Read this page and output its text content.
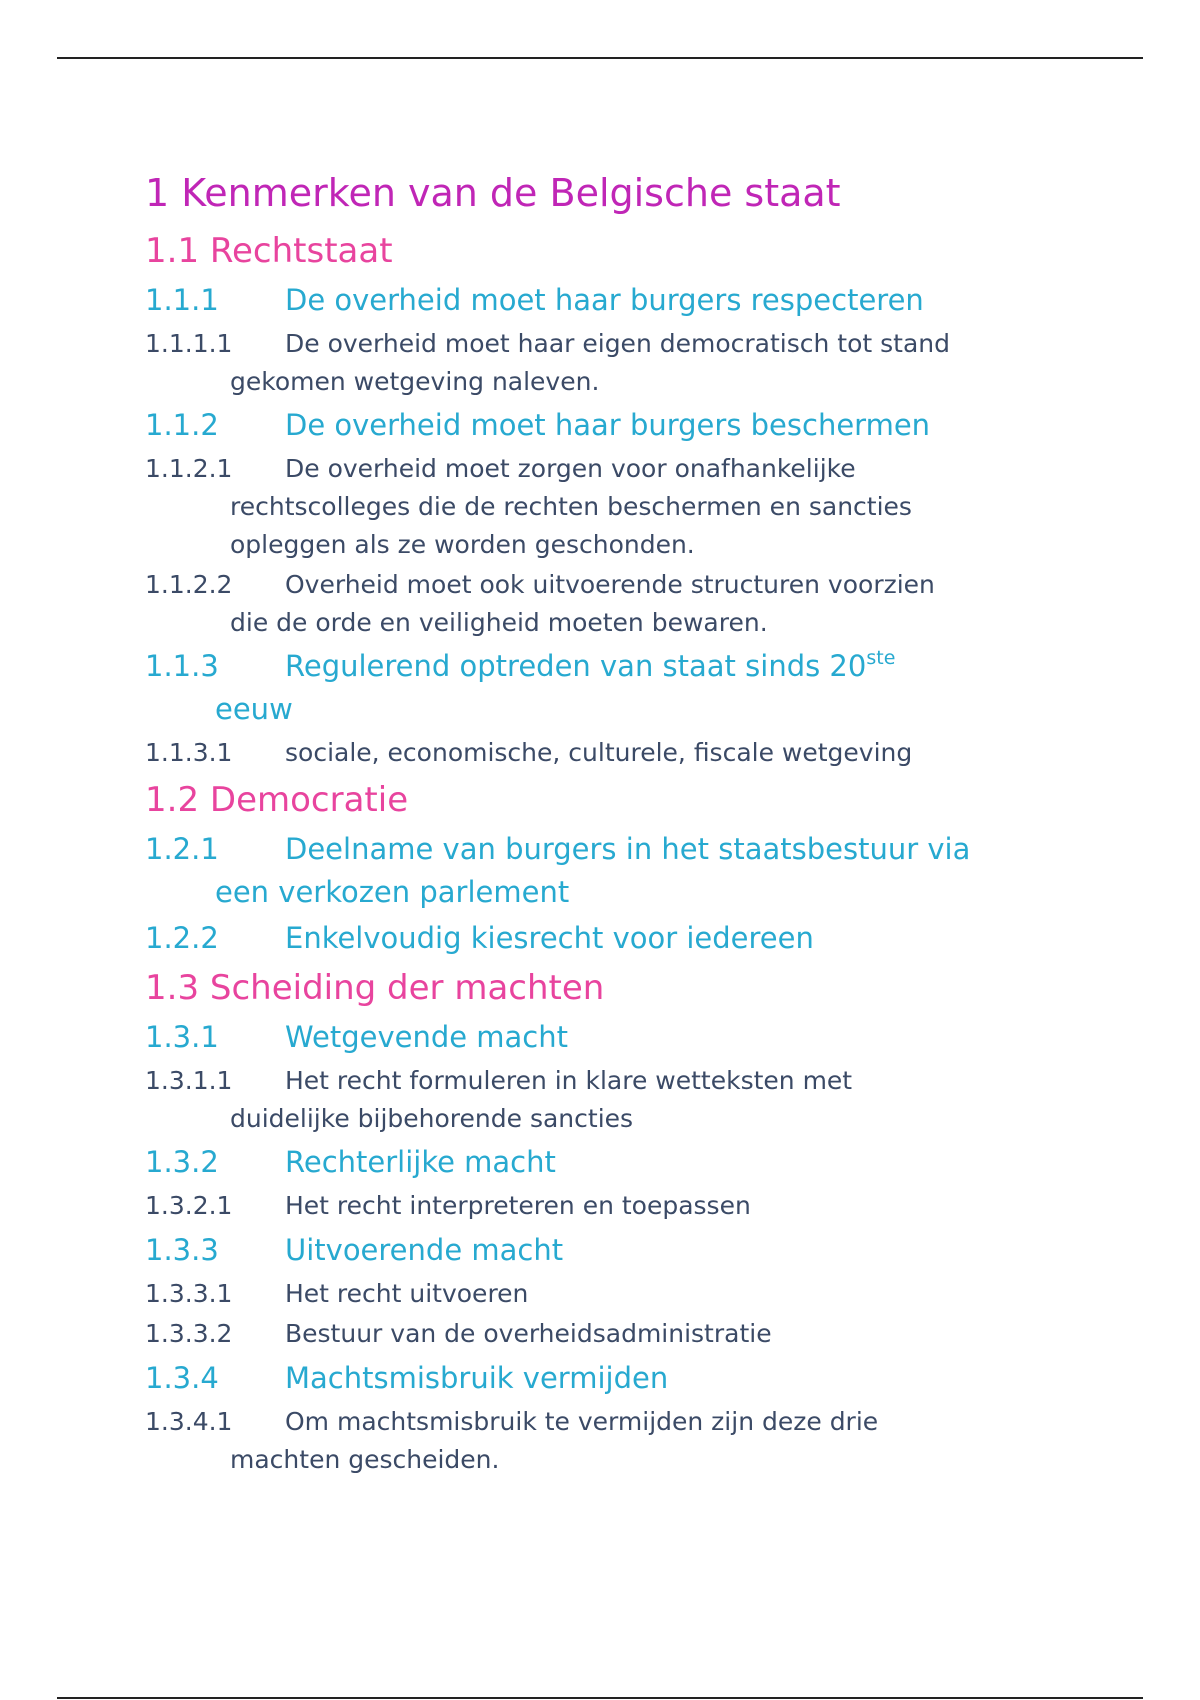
1 Kenmerken van de Belgische staat
1.1 Rechtstaat
1.1.1 De overheid moet haar burgers respecteren
1.1.1.1 De overheid moet haar eigen democratisch tot stand
gekomen wetgeving naleven.
1.1.2 De overheid moet haar burgers beschermen
1.1.2.1 De overheid moet zorgen voor onafhankelijke
rechtscolleges die de rechten beschermen en sancties
opleggen als ze worden geschonden.
1.1.2.2 Overheid moet ook uitvoerende structuren voorzien
die de orde en veiligheid moeten bewaren.
1.1.3 Regulerend optreden van staat sinds 20ste
eeuw
1.1.3.1 sociale, economische, culturele, fiscale wetgeving
1.2 Democratie
1.2.1 Deelname van burgers in het staatsbestuur via
een verkozen parlement
1.2.2 Enkelvoudig kiesrecht voor iedereen
1.3 Scheiding der machten
1.3.1 Wetgevende macht
1.3.1.1 Het recht formuleren in klare wetteksten met
duidelijke bijbehorende sancties
1.3.2 Rechterlijke macht
1.3.2.1 Het recht interpreteren en toepassen
1.3.3 Uitvoerende macht
1.3.3.1 Het recht uitvoeren
1.3.3.2 Bestuur van de overheidsadministratie
1.3.4 Machtsmisbruik vermijden
1.3.4.1 Om machtsmisbruik te vermijden zijn deze drie
machten gescheiden.
